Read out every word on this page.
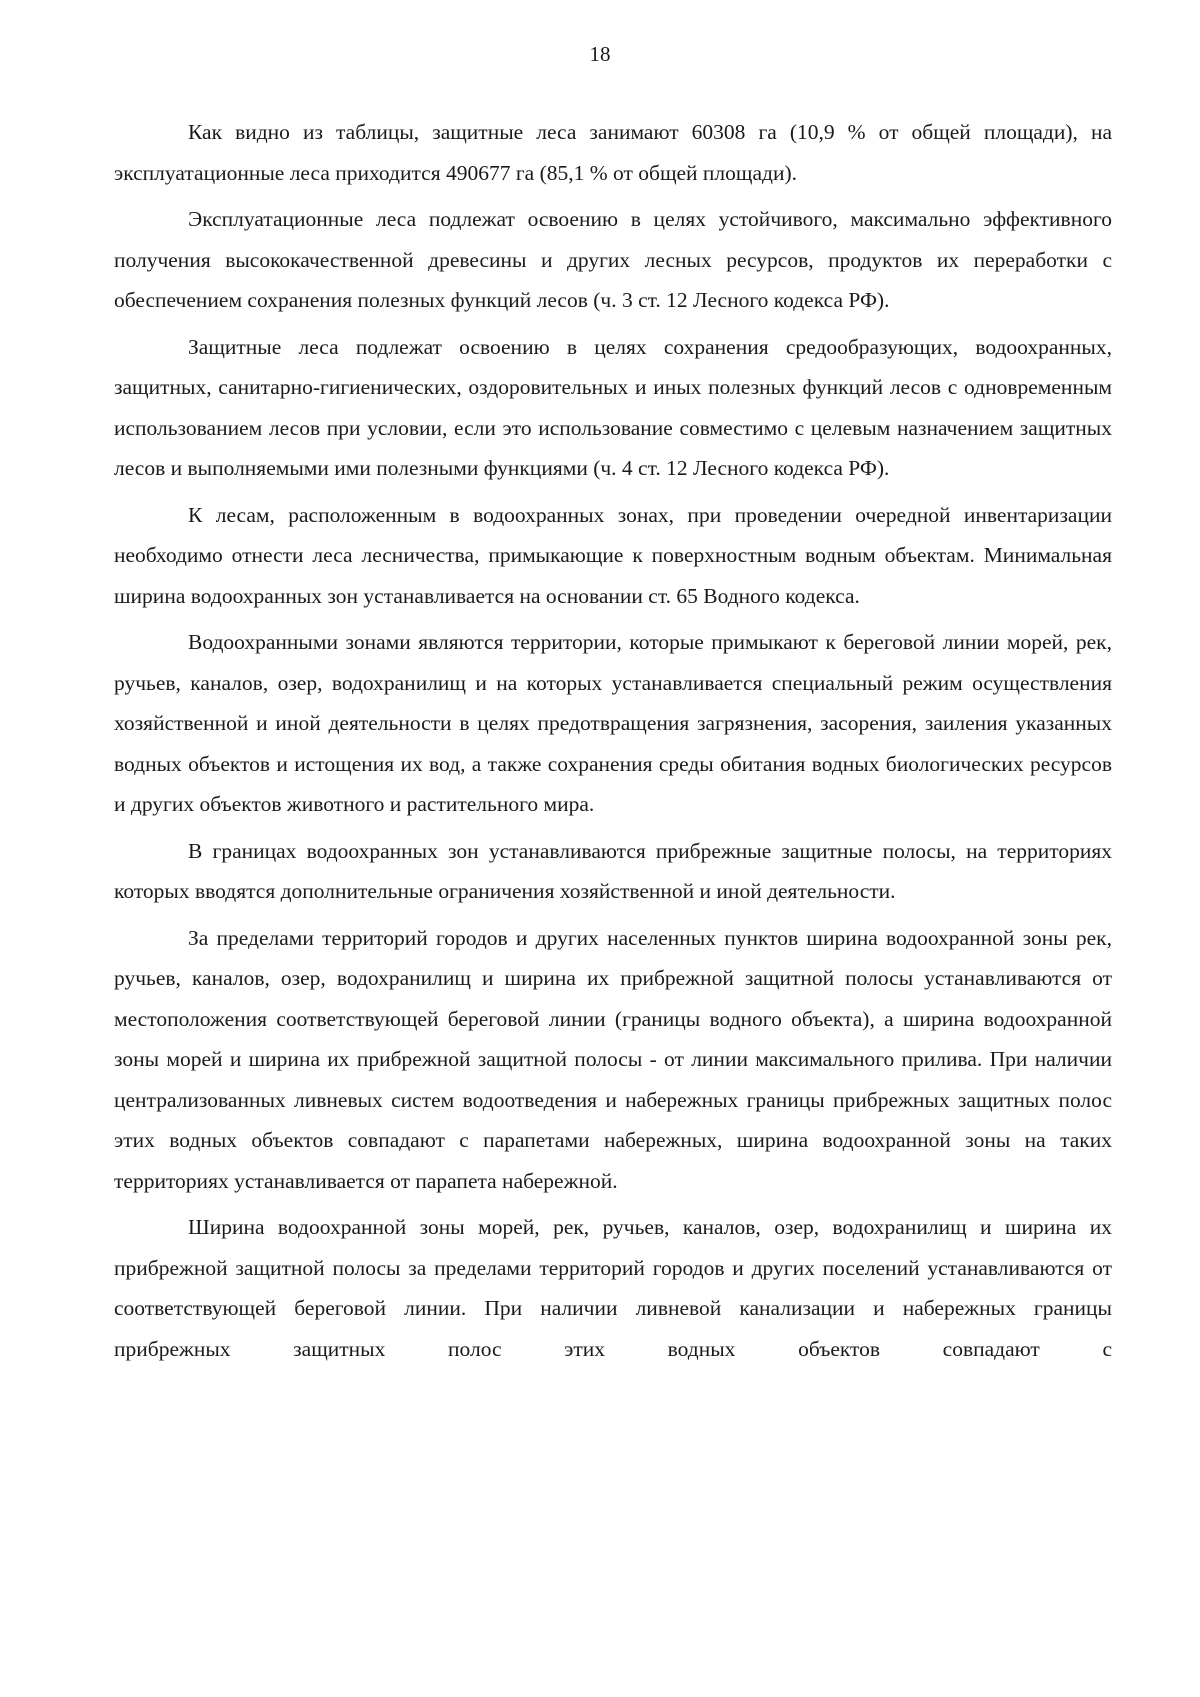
18

Как видно из таблицы, защитные леса занимают 60308 га (10,9 % от общей площади), на эксплуатационные леса приходится 490677 га (85,1 % от общей площади).

Эксплуатационные леса подлежат освоению в целях устойчивого, максимально эффективного получения высококачественной древесины и других лесных ресурсов, продуктов их переработки с обеспечением сохранения полезных функций лесов (ч. 3 ст. 12 Лесного кодекса РФ).

Защитные леса подлежат освоению в целях сохранения средообразующих, водоохранных, защитных, санитарно-гигиенических, оздоровительных и иных полезных функций лесов с одновременным использованием лесов при условии, если это использование совместимо с целевым назначением защитных лесов и выполняемыми ими полезными функциями (ч. 4 ст. 12 Лесного кодекса РФ).

К лесам, расположенным в водоохранных зонах, при проведении очередной инвентаризации необходимо отнести леса лесничества, примыкающие к поверхностным водным объектам. Минимальная ширина водоохранных зон устанавливается на основании ст. 65 Водного кодекса.

Водоохранными зонами являются территории, которые примыкают к береговой линии морей, рек, ручьев, каналов, озер, водохранилищ и на которых устанавливается специальный режим осуществления хозяйственной и иной деятельности в целях предотвращения загрязнения, засорения, заиления указанных водных объектов и истощения их вод, а также сохранения среды обитания водных биологических ресурсов и других объектов животного и растительного мира.

В границах водоохранных зон устанавливаются прибрежные защитные полосы, на территориях которых вводятся дополнительные ограничения хозяйственной и иной деятельности.

За пределами территорий городов и других населенных пунктов ширина водоохранной зоны рек, ручьев, каналов, озер, водохранилищ и ширина их прибрежной защитной полосы устанавливаются от местоположения соответствующей береговой линии (границы водного объекта), а ширина водоохранной зоны морей и ширина их прибрежной защитной полосы - от линии максимального прилива. При наличии централизованных ливневых систем водоотведения и набережных границы прибрежных защитных полос этих водных объектов совпадают с парапетами набережных, ширина водоохранной зоны на таких территориях устанавливается от парапета набережной.

Ширина водоохранной зоны морей, рек, ручьев, каналов, озер, водохранилищ и ширина их прибрежной защитной полосы за пределами территорий городов и других поселений устанавливаются от соответствующей береговой линии. При наличии ливневой канализации и набережных границы прибрежных защитных полос этих водных объектов совпадают с
